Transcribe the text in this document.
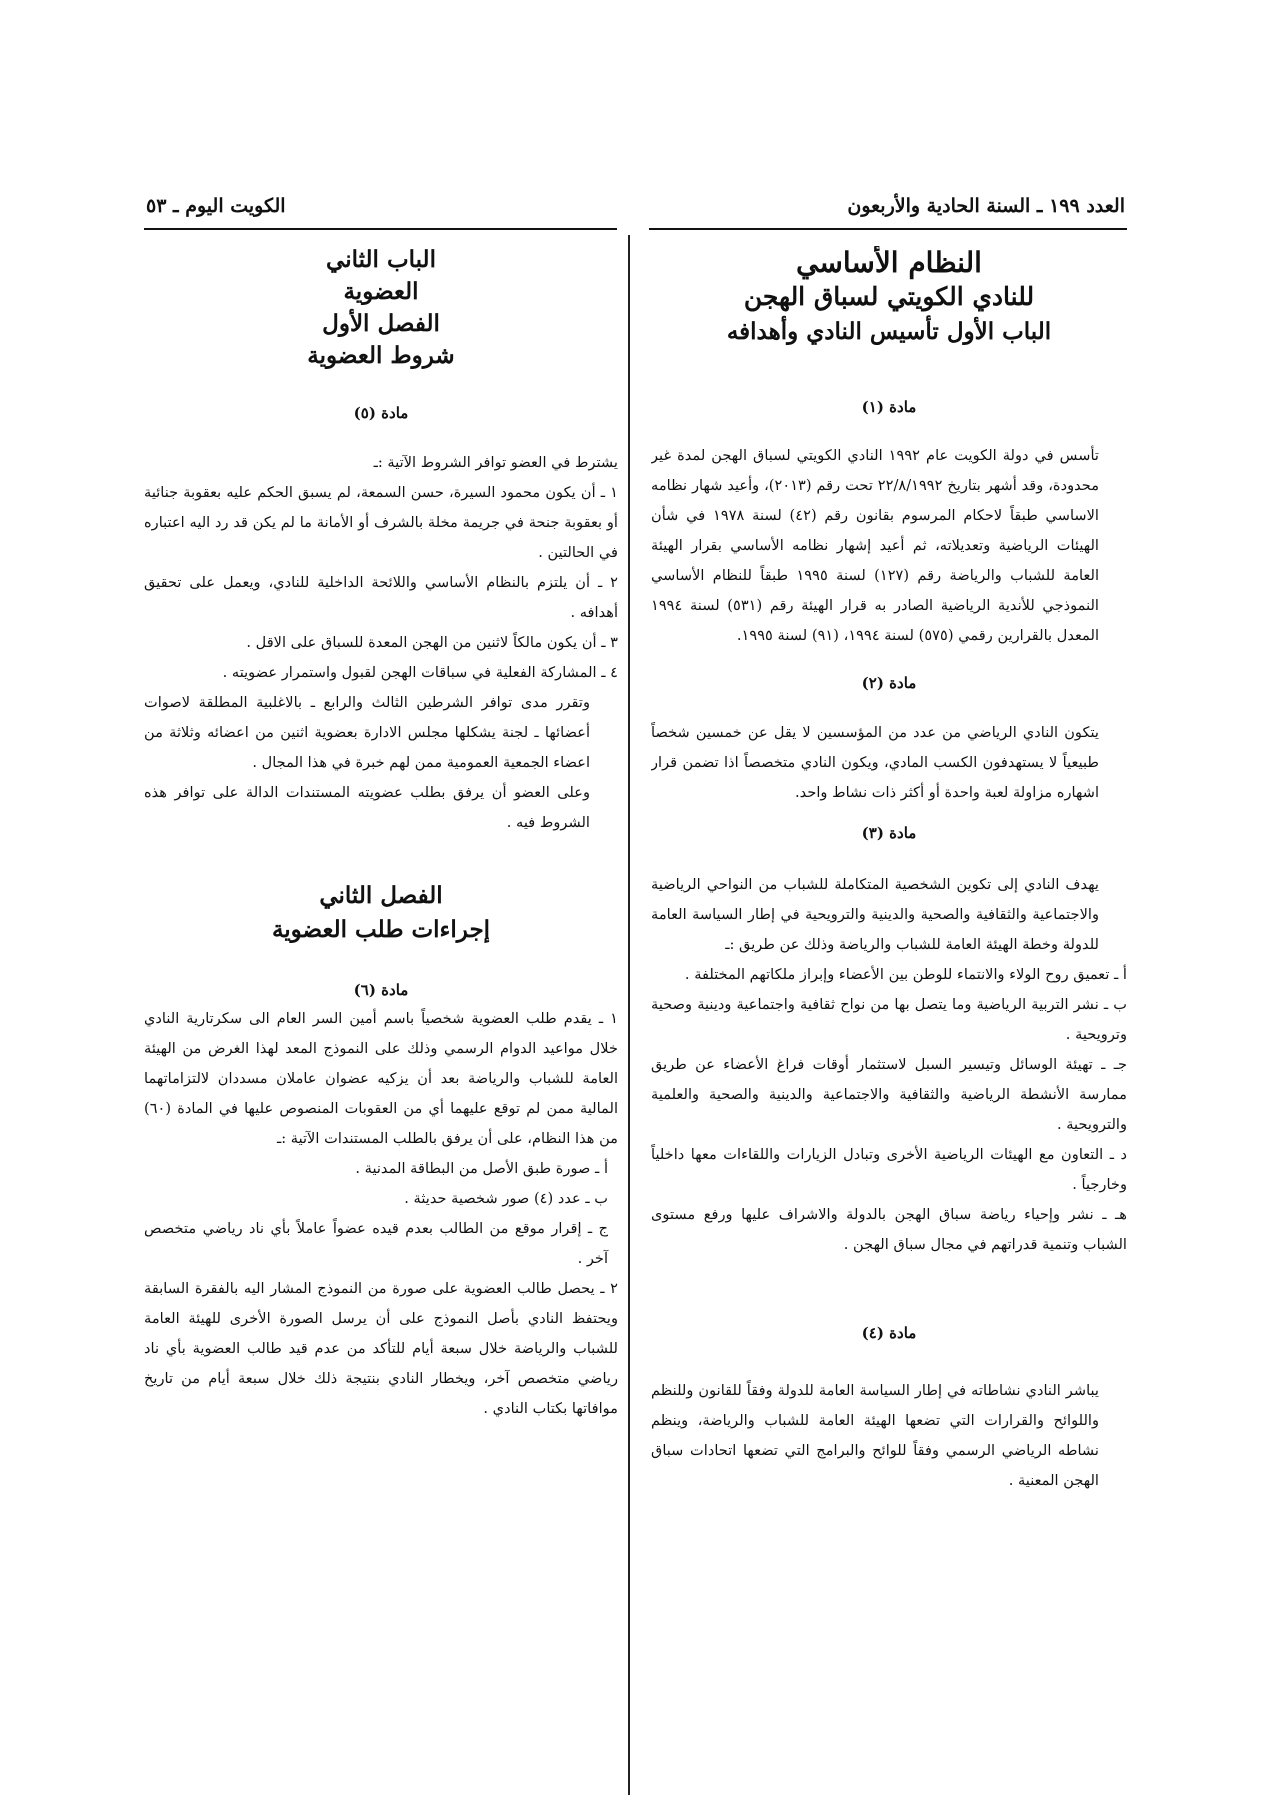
العدد ١٩٩ ـ السنة الحادية والأربعون
الكويت اليوم ـ ٥٣
النظام الأساسي
للنادي الكويتي لسباق الهجن
الباب الأول تأسيس النادي وأهدافه
مادة (١)
تأسس في دولة الكويت عام ١٩٩٢ النادي الكويتي لسباق الهجن لمدة غير محدودة، وقد أشهر بتاريخ ٢٢/٨/١٩٩٢ تحت رقم (٢٠١٣)، وأعيد شهار نظامه الاساسي طبقاً لاحكام المرسوم بقانون رقم (٤٢) لسنة ١٩٧٨ في شأن الهيئات الرياضية وتعديلاته، ثم أعيد إشهار نظامه الأساسي بقرار الهيئة العامة للشباب والرياضة رقم (١٢٧) لسنة ١٩٩٥ طبقاً للنظام الأساسي النموذجي للأندية الرياضية الصادر به قرار الهيئة رقم (٥٣١) لسنة ١٩٩٤ المعدل بالقرارين رقمي (٥٧٥) لسنة ١٩٩٤، (٩١) لسنة ١٩٩٥.
مادة (٢)
يتكون النادي الرياضي من عدد من المؤسسين لا يقل عن خمسين شخصاً طبيعياً لا يستهدفون الكسب المادي، ويكون النادي متخصصاً اذا تضمن قرار اشهاره مزاولة لعبة واحدة أو أكثر ذات نشاط واحد.
مادة (٣)
يهدف النادي إلى تكوين الشخصية المتكاملة للشباب من النواحي الرياضية والاجتماعية والثقافية والصحية والدينية والترويحية في إطار السياسة العامة للدولة وخطة الهيئة العامة للشباب والرياضة وذلك عن طريق :ـ
أ ـ تعميق روح الولاء والانتماء للوطن بين الأعضاء وإبراز ملكاتهم المختلفة .
ب ـ نشر التربية الرياضية وما يتصل بها من نواح ثقافية واجتماعية ودينية وصحية وترويحية .
جـ ـ تهيئة الوسائل وتيسير السبل لاستثمار أوقات فراغ الأعضاء عن طريق ممارسة الأنشطة الرياضية والثقافية والاجتماعية والدينية والصحية والعلمية والترويحية .
د ـ التعاون مع الهيئات الرياضية الأخرى وتبادل الزيارات واللقاءات معها داخلياً وخارجياً .
هـ ـ نشر وإحياء رياضة سباق الهجن بالدولة والاشراف عليها ورفع مستوى الشباب وتنمية قدراتهم في مجال سباق الهجن .
مادة (٤)
يباشر النادي نشاطاته في إطار السياسة العامة للدولة وفقاً للقانون وللنظم واللوائح والقرارات التي تضعها الهيئة العامة للشباب والرياضة، وينظم نشاطه الرياضي الرسمي وفقاً للوائح والبرامج التي تضعها اتحادات سباق الهجن المعنية .
الباب الثاني
العضوية
الفصل الأول
شروط العضوية
مادة (٥)
يشترط في العضو توافر الشروط الآتية :ـ
١ ـ أن يكون محمود السيرة، حسن السمعة، لم يسبق الحكم عليه بعقوبة جنائية أو بعقوبة جنحة في جريمة مخلة بالشرف أو الأمانة ما لم يكن قد رد اليه اعتباره في الحالتين .
٢ ـ أن يلتزم بالنظام الأساسي واللائحة الداخلية للنادي، ويعمل على تحقيق أهدافه .
٣ ـ أن يكون مالكاً لاثنين من الهجن المعدة للسباق على الاقل .
٤ ـ المشاركة الفعلية في سباقات الهجن لقبول واستمرار عضويته .
وتقرر مدى توافر الشرطين الثالث والرابع ـ بالاغلبية المطلقة لاصوات أعضائها ـ لجنة يشكلها مجلس الادارة بعضوية اثنين من اعضائه وثلاثة من اعضاء الجمعية العمومية ممن لهم خبرة في هذا المجال .
وعلى العضو أن يرفق بطلب عضويته المستندات الدالة على توافر هذه الشروط فيه .
الفصل الثاني
إجراءات طلب العضوية
مادة (٦)
١ ـ يقدم طلب العضوية شخصياً باسم أمين السر العام الى سكرتارية النادي خلال مواعيد الدوام الرسمي وذلك على النموذج المعد لهذا الغرض من الهيئة العامة للشباب والرياضة بعد أن يزكيه عضوان عاملان مسددان لالتزاماتهما المالية ممن لم توقع عليهما أي من العقوبات المنصوص عليها في المادة (٦٠) من هذا النظام، على أن يرفق بالطلب المستندات الآتية :ـ
أ ـ صورة طبق الأصل من البطاقة المدنية .
ب ـ عدد (٤) صور شخصية حديثة .
ج ـ إقرار موقع من الطالب بعدم قيده عضواً عاملاً بأي ناد رياضي متخصص آخر .
٢ ـ يحصل طالب العضوية على صورة من النموذج المشار اليه بالفقرة السابقة ويحتفظ النادي بأصل النموذج على أن يرسل الصورة الأخرى للهيئة العامة للشباب والرياضة خلال سبعة أيام للتأكد من عدم قيد طالب العضوية بأي ناد رياضي متخصص آخر، ويخطار النادي بنتيجة ذلك خلال سبعة أيام من تاريخ موافاتها بكتاب النادي .
